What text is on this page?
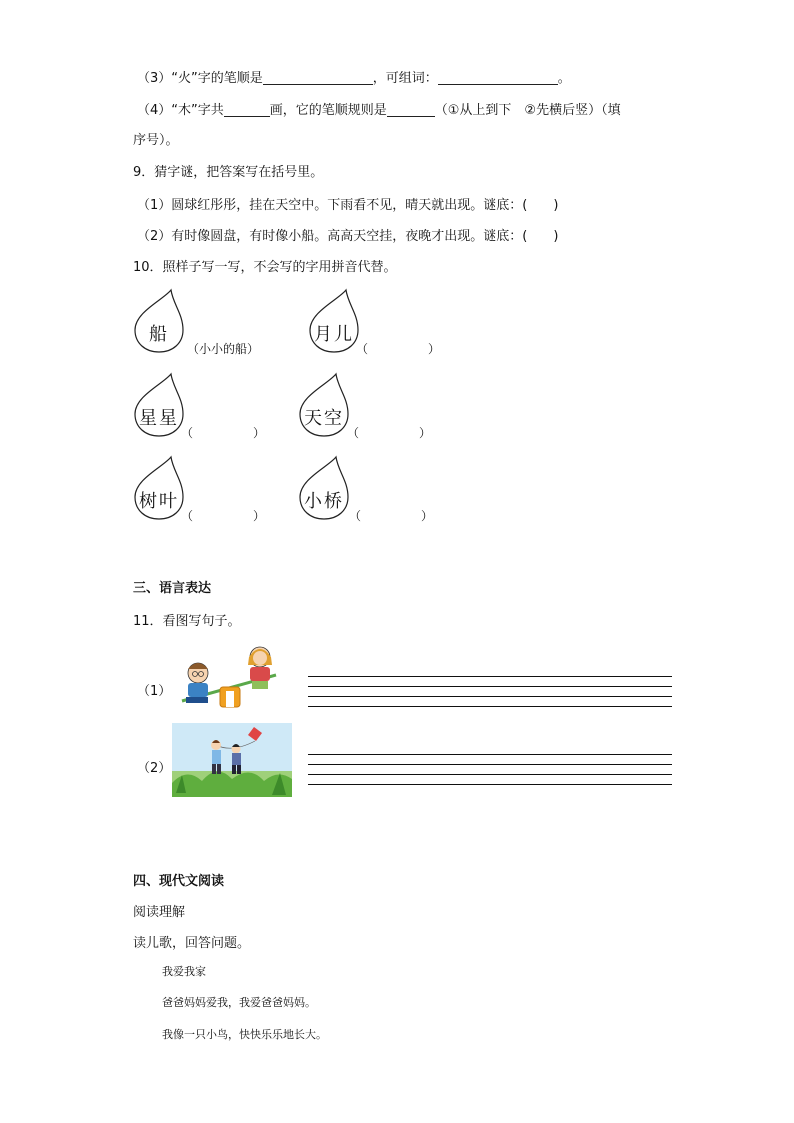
（3）“火”字的笔顺是	，可组词：	。
（4）“木”字共	画，它的笔顺规则是	（①从上到下　②先横后竖）（填
序号）。
9．猜字谜，把答案写在括号里。
（1）圆球红彤彤，挂在天空中。下雨看不见，晴天就出现。谜底：(　　)
（2）有时像圆盘，有时像小船。高高天空挂，夜晚才出现。谜底：(　　)
10．照样子写一写，不会写的字用拼音代替。
船
（小小的船）
月儿
（　　　　　）
星星
（　　　　　）
天空
（　　　　　）
树叶
（　　　　　）
小桥
（　　　　　）
三、语言表达
11．看图写句子。
（1）
（2）
四、现代文阅读
阅读理解
读儿歌，回答问题。
我爱我家
爸爸妈妈爱我，我爱爸爸妈妈。
我像一只小鸟，快快乐乐地长大。
